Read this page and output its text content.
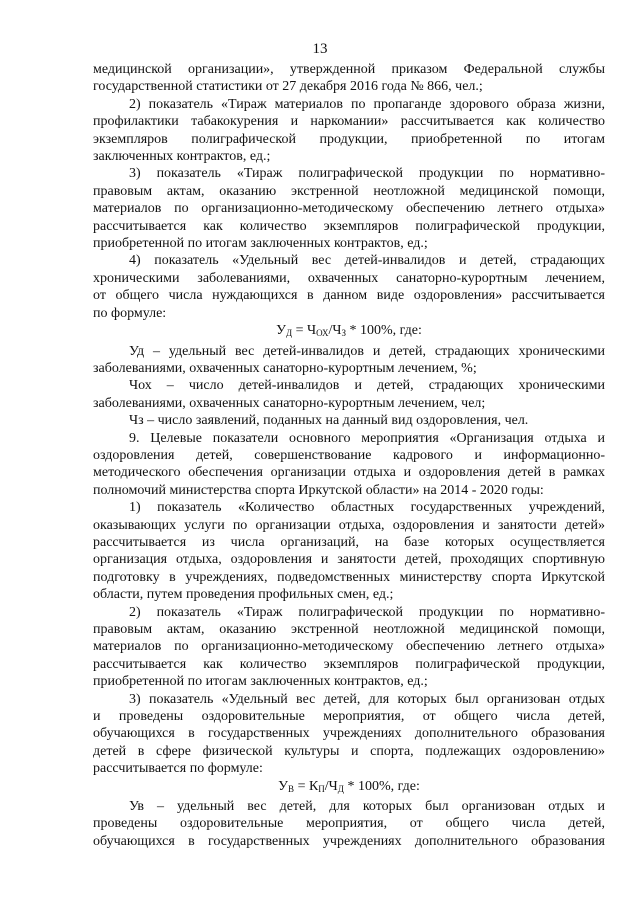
13
медицинской организации», утвержденной приказом Федеральной службы
государственной статистики от 27 декабря 2016 года № 866, чел.;
2) показатель «Тираж материалов по пропаганде здорового образа жизни,
профилактики табакокурения и наркомании» рассчитывается как количество
экземпляров полиграфической продукции, приобретенной по итогам
заключенных контрактов, ед.;
3) показатель «Тираж полиграфической продукции по нормативно-
правовым актам, оказанию экстренной неотложной медицинской помощи,
материалов по организационно-методическому обеспечению летнего отдыха»
рассчитывается как количество экземпляров полиграфической продукции,
приобретенной по итогам заключенных контрактов, ед.;
4) показатель «Удельный вес детей-инвалидов и детей, страдающих
хроническими заболеваниями, охваченных санаторно-курортным лечением,
от общего числа нуждающихся в данном виде оздоровления» рассчитывается
по формуле:
$У_Д = Ч_{ОХ}/Ч_З * 100\%$, где:
Уд – удельный вес детей-инвалидов и детей, страдающих хроническими
заболеваниями, охваченных санаторно-курортным лечением, %;
Чох – число детей-инвалидов и детей, страдающих хроническими
заболеваниями, охваченных санаторно-курортным лечением, чел;
Чз – число заявлений, поданных на данный вид оздоровления, чел.
9. Целевые показатели основного мероприятия «Организация отдыха и
оздоровления детей, совершенствование кадрового и информационно-
методического обеспечения организации отдыха и оздоровления детей в рамках
полномочий министерства спорта Иркутской области» на 2014 - 2020 годы:
1) показатель «Количество областных государственных учреждений,
оказывающих услуги по организации отдыха, оздоровления и занятости детей»
рассчитывается из числа организаций, на базе которых осуществляется
организация отдыха, оздоровления и занятости детей, проходящих спортивную
подготовку в учреждениях, подведомственных министерству спорта Иркутской
области, путем проведения профильных смен, ед.;
2) показатель «Тираж полиграфической продукции по нормативно-
правовым актам, оказанию экстренной неотложной медицинской помощи,
материалов по организационно-методическому обеспечению летнего отдыха»
рассчитывается как количество экземпляров полиграфической продукции,
приобретенной по итогам заключенных контрактов, ед.;
3) показатель «Удельный вес детей, для которых был организован отдых
и проведены оздоровительные мероприятия, от общего числа детей,
обучающихся в государственных учреждениях дополнительного образования
детей в сфере физической культуры и спорта, подлежащих оздоровлению»
рассчитывается по формуле:
$У_В = К_П/Ч_Д * 100\%$, где:
Ув – удельный вес детей, для которых был организован отдых и
проведены оздоровительные мероприятия, от общего числа детей,
обучающихся в государственных учреждениях дополнительного образования
